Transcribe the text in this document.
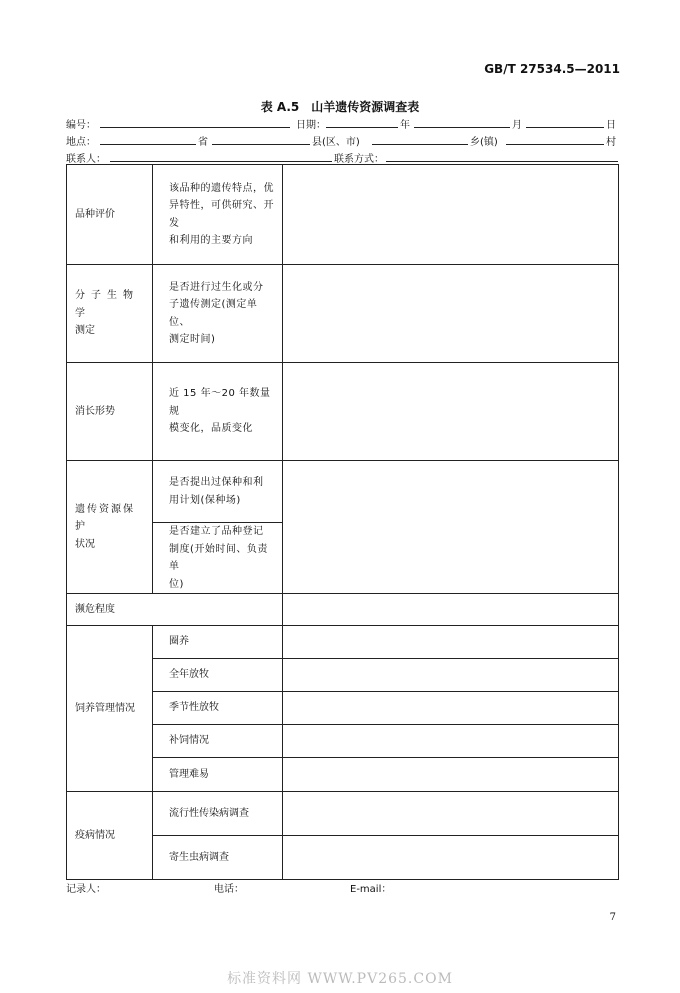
GB/T 27534.5—2011
表 A.5　山羊遗传资源调查表
编号：	日期：	年	月	日
地点：	省	县(区、市)	乡(镇)	村
联系人：	联系方式：
品种评价	该品种的遗传特点，优
异特性，可供研究、开发
和利用的主要方向	

分子生物学
测定	是否进行过生化或分
子遗传测定(测定单位、
测定时间)	

消长形势	近 15 年～20 年数量规
模变化，品质变化	

遗传资源保护
状况	是否提出过保种和利
用计划(保种场)	

	是否建立了品种登记
制度(开始时间、负责单
位)	

濒危程度		
饲养管理情况	圈养	
	全年放牧	
	季节性放牧	
	补饲情况	
	管理难易	
疫病情况	流行性传染病调查	
	寄生虫病调查	
记录人：	电话：	E-mail：
7
标准资料网 WWW.PV265.COM
